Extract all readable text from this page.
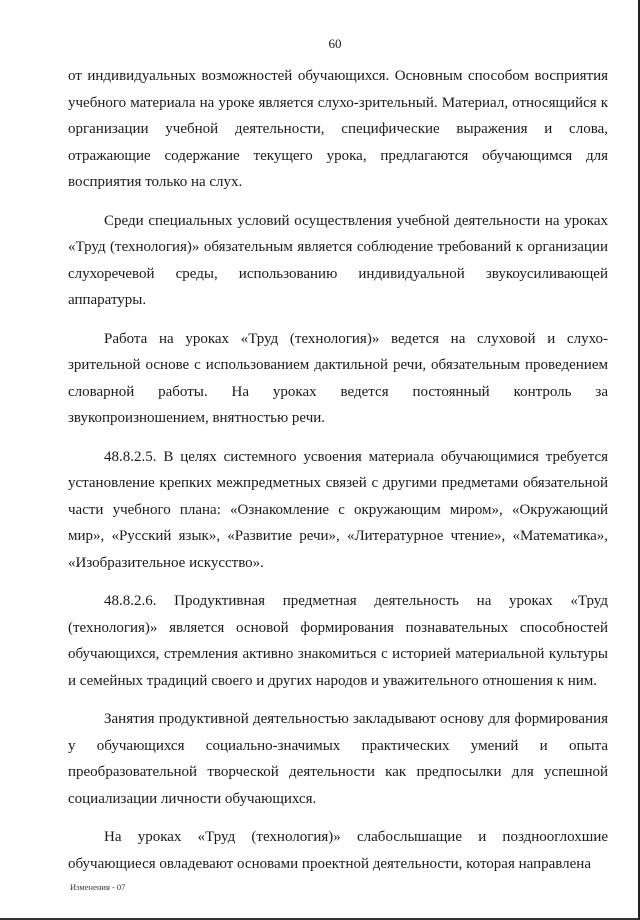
60

от индивидуальных возможностей обучающихся. Основным способом восприятия учебного материала на уроке является слухо-зрительный. Материал, относящийся к организации учебной деятельности, специфические выражения и слова, отражающие содержание текущего урока, предлагаются обучающимся для восприятия только на слух.

Среди специальных условий осуществления учебной деятельности на уроках «Труд (технология)» обязательным является соблюдение требований к организации слухоречевой среды, использованию индивидуальной звукоусиливающей аппаратуры.

Работа на уроках «Труд (технология)» ведется на слуховой и слухо-зрительной основе с использованием дактильной речи, обязательным проведением словарной работы. На уроках ведется постоянный контроль за звукопроизношением, внятностью речи.

48.8.2.5. В целях системного усвоения материала обучающимися требуется установление крепких межпредметных связей с другими предметами обязательной части учебного плана: «Ознакомление с окружающим миром», «Окружающий мир», «Русский язык», «Развитие речи», «Литературное чтение», «Математика», «Изобразительное искусство».

48.8.2.6. Продуктивная предметная деятельность на уроках «Труд (технология)» является основой формирования познавательных способностей обучающихся, стремления активно знакомиться с историей материальной культуры и семейных традиций своего и других народов и уважительного отношения к ним.

Занятия продуктивной деятельностью закладывают основу для формирования у обучающихся социально-значимых практических умений и опыта преобразовательной творческой деятельности как предпосылки для успешной социализации личности обучающихся.

На уроках «Труд (технология)» слабослышащие и позднооглохшие обучающиеся овладевают основами проектной деятельности, которая направлена

Изменения - 07
